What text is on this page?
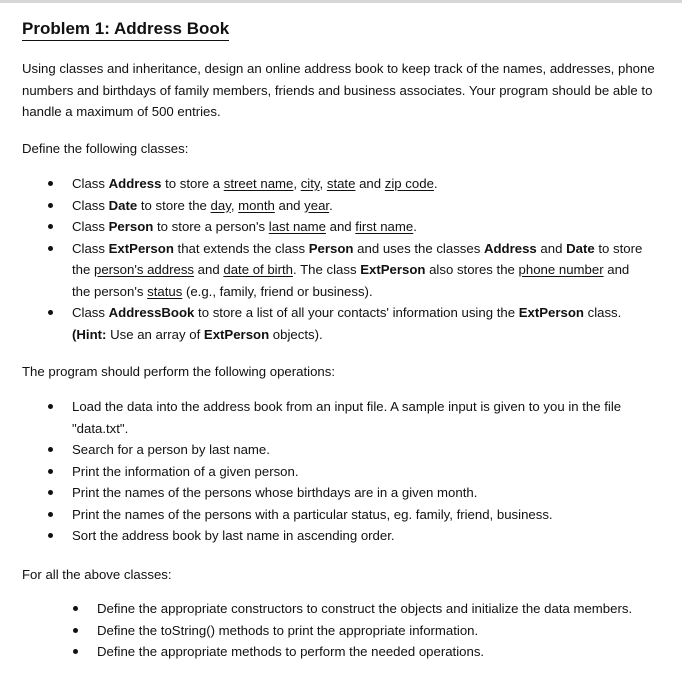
Problem 1: Address Book
Using classes and inheritance, design an online address book to keep track of the names, addresses, phone numbers and birthdays of family members, friends and business associates. Your program should be able to handle a maximum of 500 entries.
Define the following classes:
Class Address to store a street name, city, state and zip code.
Class Date to store the day, month and year.
Class Person to store a person's last name and first name.
Class ExtPerson that extends the class Person and uses the classes Address and Date to store the person's address and date of birth. The class ExtPerson also stores the phone number and the person's status (e.g., family, friend or business).
Class AddressBook to store a list of all your contacts' information using the ExtPerson class. (Hint: Use an array of ExtPerson objects).
The program should perform the following operations:
Load the data into the address book from an input file. A sample input is given to you in the file "data.txt".
Search for a person by last name.
Print the information of a given person.
Print the names of the persons whose birthdays are in a given month.
Print the names of the persons with a particular status, eg. family, friend, business.
Sort the address book by last name in ascending order.
For all the above classes:
Define the appropriate constructors to construct the objects and initialize the data members.
Define the toString() methods to print the appropriate information.
Define the appropriate methods to perform the needed operations.
